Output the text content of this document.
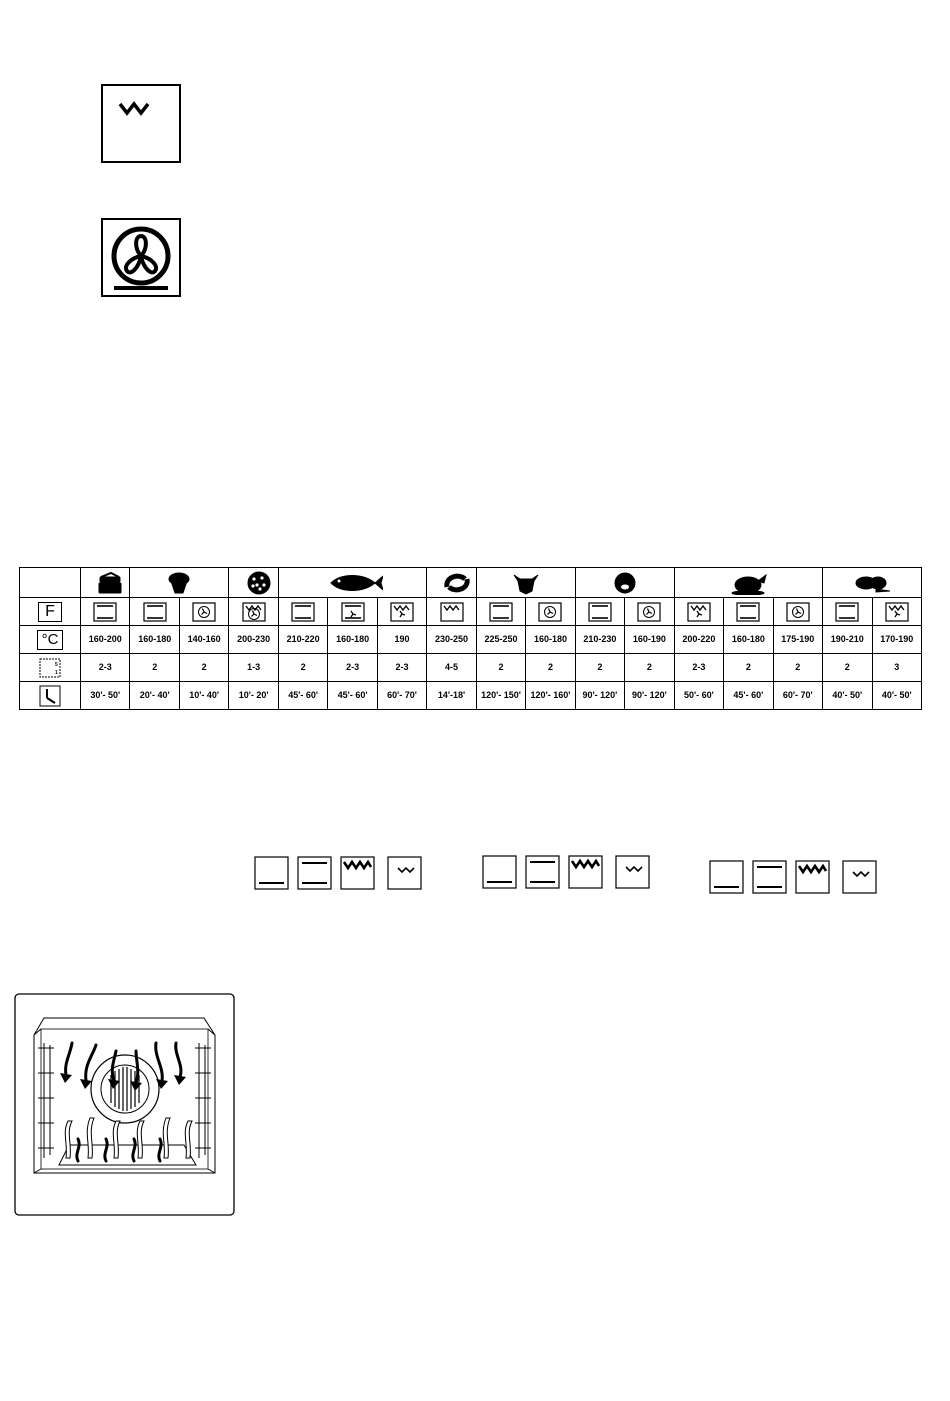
F																	
°C	160-200	160-180	140-160	200-230	210-220	160-180	190	230-250	225-250	160-180	210-230	160-190	200-220	160-180	175-190	190-210	170-190

5
1	2-3	2	2	1-3	2	2-3	2-3	4-5	2	2	2	2	2-3	2	2	2	3
	30'- 50'	20'- 40'	10'- 40'	10'- 20'	45'- 60'	45'- 60'	60'- 70'	14'-18'	120'- 150'	120'- 160'	90'- 120'	90'- 120'	50'- 60'	45'- 60'	60'- 70'	40'- 50'	40'- 50'
